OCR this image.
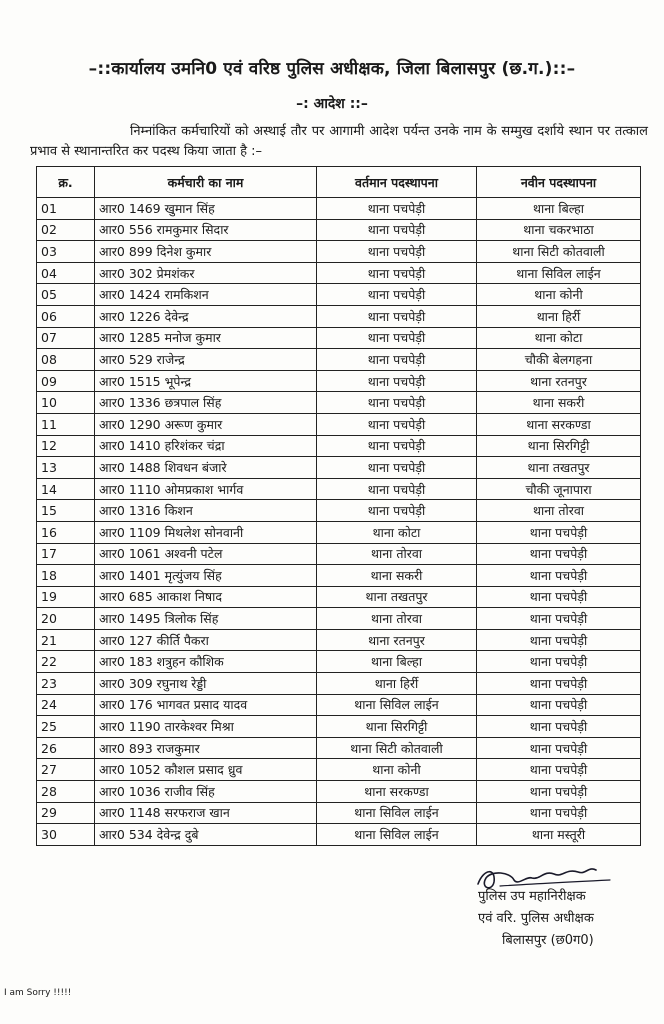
–::कार्यालय उमनि0 एवं वरिष्ठ पुलिस अधीक्षक, जिला बिलासपुर (छ.ग.)::–
–: आदेश ::–

निम्नांकित कर्मचारियों को अस्थाई तौर पर आगामी आदेश पर्यन्त उनके नाम के सम्मुख दर्शाये स्थान पर तत्काल प्रभाव से स्थानान्तरित कर पदस्थ किया जाता है :–

क्र.	कर्मचारी का नाम	वर्तमान पदस्थापना	नवीन पदस्थापना
01	आर0 1469 खुमान सिंह	थाना पचपेड़ी	थाना बिल्हा
02	आर0 556 रामकुमार सिदार	थाना पचपेड़ी	थाना चकरभाठा
03	आर0 899 दिनेश कुमार	थाना पचपेड़ी	थाना सिटी कोतवाली
04	आर0 302 प्रेमशंकर	थाना पचपेड़ी	थाना सिविल लाईन
05	आर0 1424 रामकिशन	थाना पचपेड़ी	थाना कोनी
06	आर0 1226 देवेन्द्र	थाना पचपेड़ी	थाना हिर्री
07	आर0 1285 मनोज कुमार	थाना पचपेड़ी	थाना कोटा
08	आर0 529 राजेन्द्र	थाना पचपेड़ी	चौकी बेलगहना
09	आर0 1515 भूपेन्द्र	थाना पचपेड़ी	थाना रतनपुर
10	आर0 1336 छत्रपाल सिंह	थाना पचपेड़ी	थाना सकरी
11	आर0 1290 अरूण कुमार	थाना पचपेड़ी	थाना सरकण्डा
12	आर0 1410 हरिशंकर चंद्रा	थाना पचपेड़ी	थाना सिरगिट्टी
13	आर0 1488 शिवधन बंजारे	थाना पचपेड़ी	थाना तखतपुर
14	आर0 1110 ओमप्रकाश भार्गव	थाना पचपेड़ी	चौकी जूनापारा
15	आर0 1316 किशन	थाना पचपेड़ी	थाना तोरवा
16	आर0 1109 मिथलेश सोनवानी	थाना कोटा	थाना पचपेड़ी
17	आर0 1061 अश्वनी पटेल	थाना तोरवा	थाना पचपेड़ी
18	आर0 1401 मृत्युंजय सिंह	थाना सकरी	थाना पचपेड़ी
19	आर0 685 आकाश निषाद	थाना तखतपुर	थाना पचपेड़ी
20	आर0 1495 त्रिलोक सिंह	थाना तोरवा	थाना पचपेड़ी
21	आर0 127 कीर्ति पैकरा	थाना रतनपुर	थाना पचपेड़ी
22	आर0 183 शत्रुहन कौशिक	थाना बिल्हा	थाना पचपेड़ी
23	आर0 309 रघुनाथ रेड्डी	थाना हिर्री	थाना पचपेड़ी
24	आर0 176 भागवत प्रसाद यादव	थाना सिविल लाईन	थाना पचपेड़ी
25	आर0 1190 तारकेश्वर मिश्रा	थाना सिरगिट्टी	थाना पचपेड़ी
26	आर0 893 राजकुमार	थाना सिटी कोतवाली	थाना पचपेड़ी
27	आर0 1052 कौशल प्रसाद ध्रुव	थाना कोनी	थाना पचपेड़ी
28	आर0 1036 राजीव सिंह	थाना सरकण्डा	थाना पचपेड़ी
29	आर0 1148 सरफराज खान	थाना सिविल लाईन	थाना पचपेड़ी
30	आर0 534 देवेन्द्र दुबे	थाना सिविल लाईन	थाना मस्तूरी
पुलिस उप महानिरीक्षक
एवं वरि. पुलिस अधीक्षक
बिलासपुर (छ0ग0)
I am Sorry !!!!!
